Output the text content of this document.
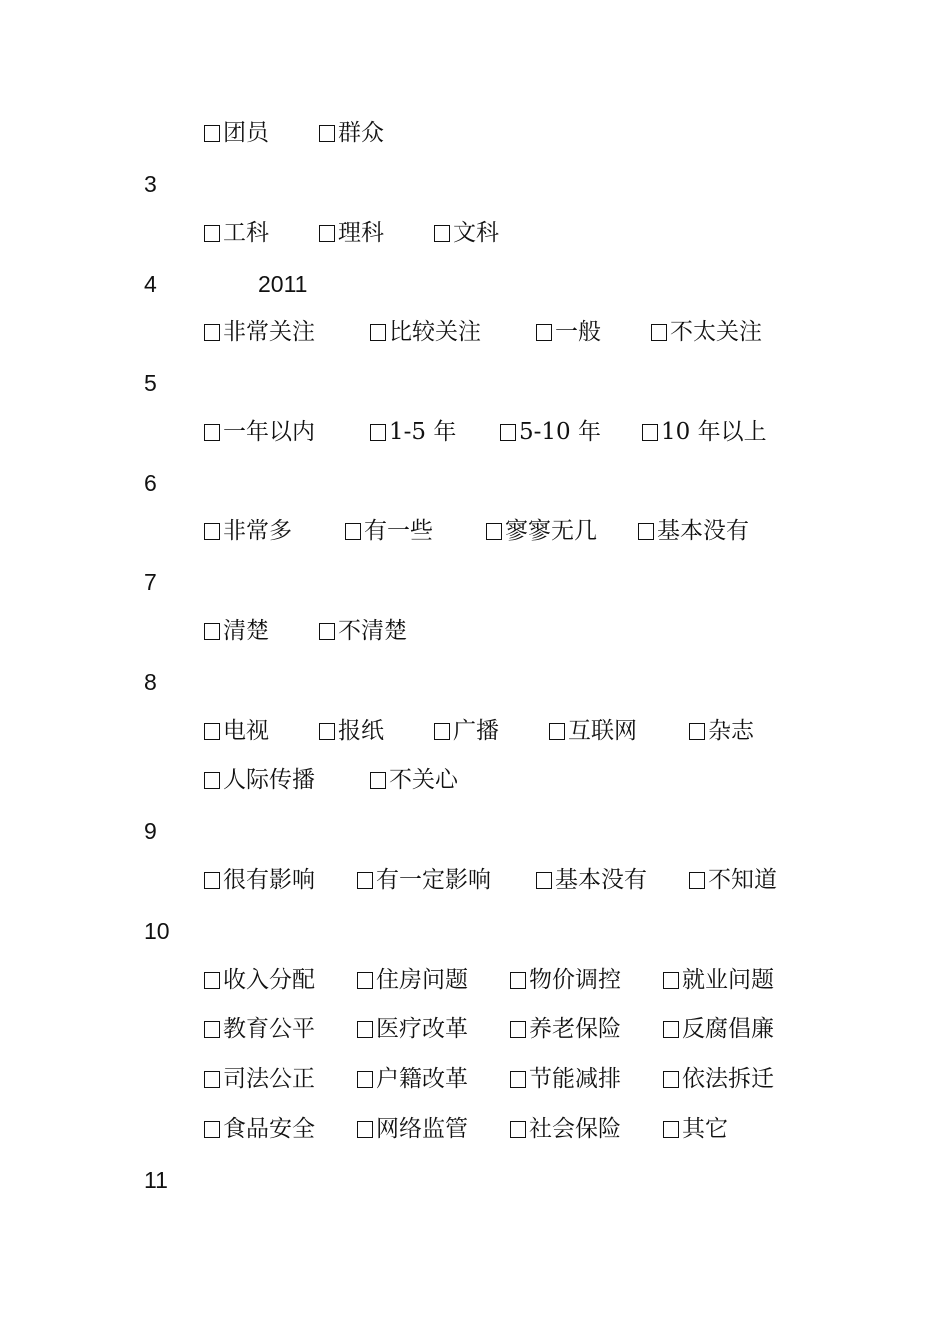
团员	群众
3
工科	理科	文科
4	2011
非常关注	比较关注	一般	不太关注
5
一年以内	1-5 年	5-10 年	10 年以上
6
非常多	有一些	寥寥无几	基本没有
7
清楚	不清楚
8
电视	报纸	广播	互联网	杂志
人际传播	不关心
9
很有影响	有一定影响	基本没有	不知道
10
收入分配	住房问题	物价调控	就业问题
教育公平	医疗改革	养老保险	反腐倡廉
司法公正	户籍改革	节能减排	依法拆迁
食品安全	网络监管	社会保险	其它
11
